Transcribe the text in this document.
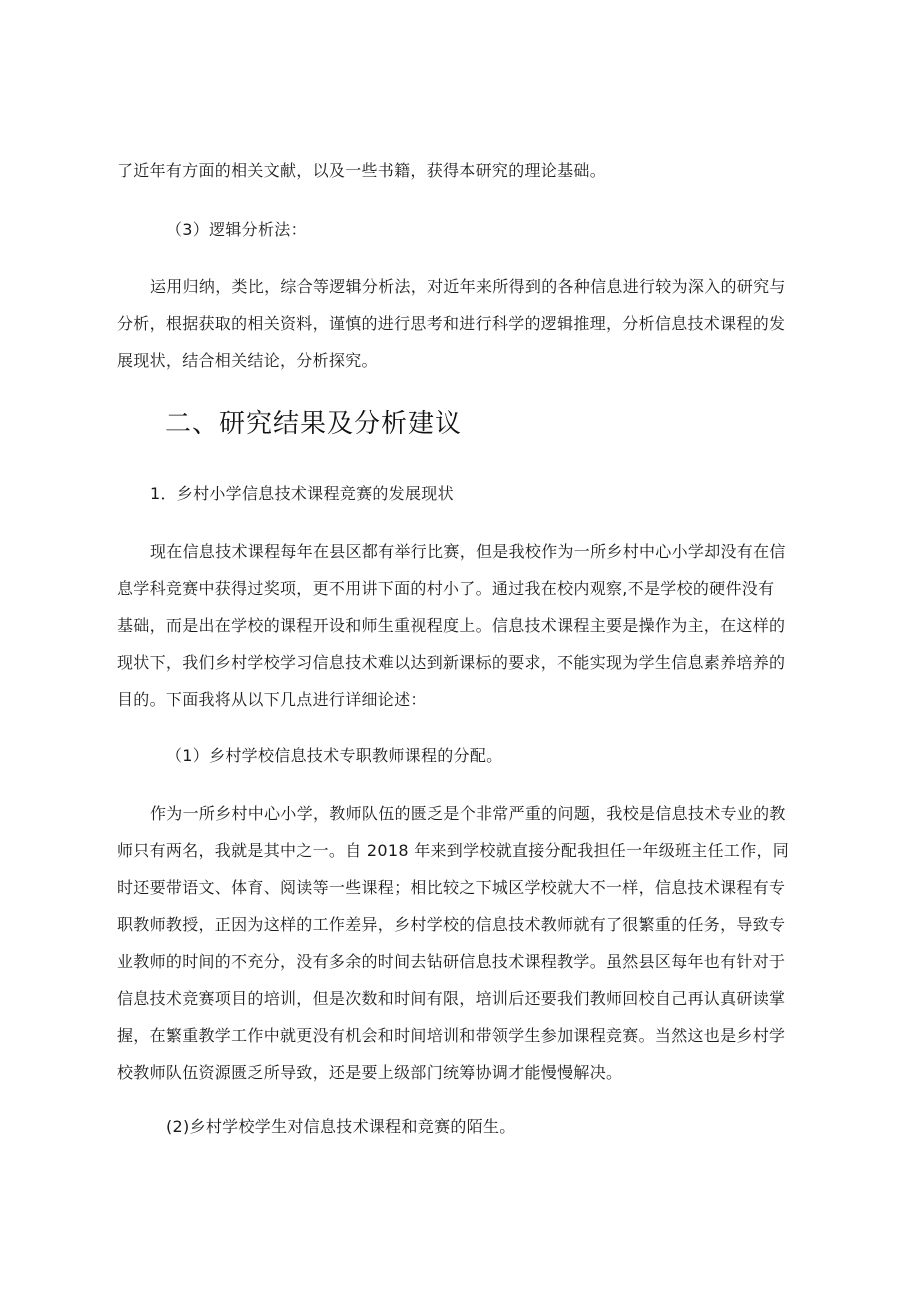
了近年有方面的相关文献，以及一些书籍，获得本研究的理论基础。
（3）逻辑分析法：
运用归纳，类比，综合等逻辑分析法，对近年来所得到的各种信息进行较为深入的研究与
分析，根据获取的相关资料，谨慎的进行思考和进行科学的逻辑推理，分析信息技术课程的发
展现状，结合相关结论，分析探究。
二、研究结果及分析建议
1．乡村小学信息技术课程竞赛的发展现状
现在信息技术课程每年在县区都有举行比赛，但是我校作为一所乡村中心小学却没有在信
息学科竞赛中获得过奖项，更不用讲下面的村小了。通过我在校内观察,不是学校的硬件没有
基础，而是出在学校的课程开设和师生重视程度上。信息技术课程主要是操作为主，在这样的
现状下，我们乡村学校学习信息技术难以达到新课标的要求，不能实现为学生信息素养培养的
目的。下面我将从以下几点进行详细论述：
（1）乡村学校信息技术专职教师课程的分配。
作为一所乡村中心小学，教师队伍的匮乏是个非常严重的问题，我校是信息技术专业的教
师只有两名，我就是其中之一。自 2018 年来到学校就直接分配我担任一年级班主任工作，同
时还要带语文、体育、阅读等一些课程；相比较之下城区学校就大不一样，信息技术课程有专
职教师教授，正因为这样的工作差异，乡村学校的信息技术教师就有了很繁重的任务，导致专
业教师的时间的不充分，没有多余的时间去钻研信息技术课程教学。虽然县区每年也有针对于
信息技术竞赛项目的培训，但是次数和时间有限，培训后还要我们教师回校自己再认真研读掌
握，在繁重教学工作中就更没有机会和时间培训和带领学生参加课程竞赛。当然这也是乡村学
校教师队伍资源匮乏所导致，还是要上级部门统筹协调才能慢慢解决。
(2)乡村学校学生对信息技术课程和竞赛的陌生。
